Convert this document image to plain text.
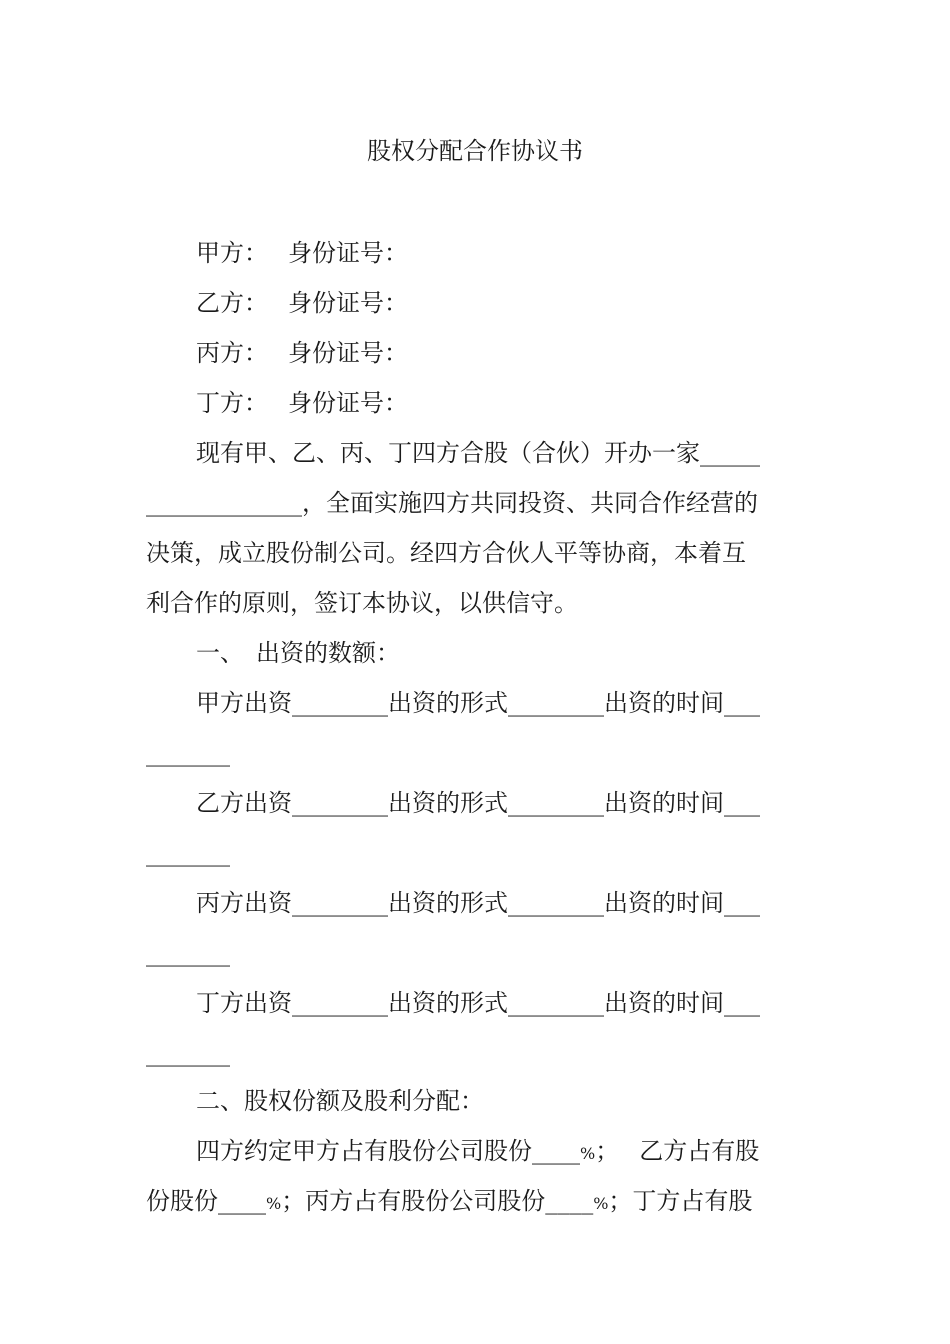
股权分配合作协议书
甲方： 身份证号：
乙方： 身份证号：
丙方： 身份证号：
丁方： 身份证号：
现有甲、乙、丙、丁四方合股（合伙）开办一家_____
_____________，全面实施四方共同投资、共同合作经营的
决策，成立股份制公司。经四方合伙人平等协商，本着互
利合作的原则，签订本协议，以供信守。
一、 出资的数额：
甲方出资________出资的形式________出资的时间___
_______
乙方出资________出资的形式________出资的时间___
_______
丙方出资________出资的形式________出资的时间___
_______
丁方出资________出资的形式________出资的时间___
_______
二、股权份额及股利分配：
四方约定甲方占有股份公司股份____%； 乙方占有股
份股份____%；丙方占有股份公司股份____%；丁方占有股
